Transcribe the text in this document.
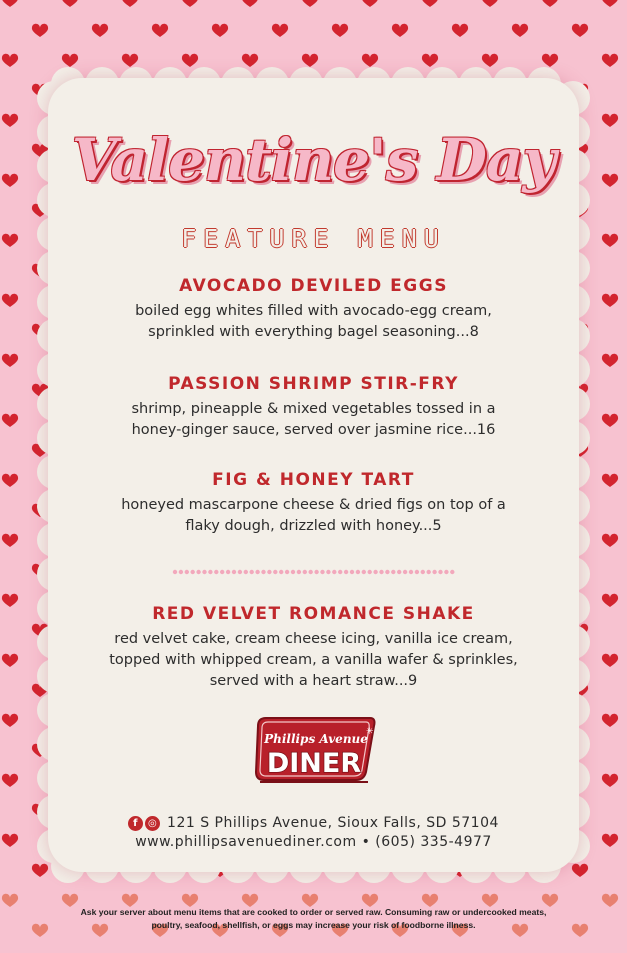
Valentine's Day
FEATURE MENU
AVOCADO DEVILED EGGS
boiled egg whites filled with avocado-egg cream,
sprinkled with everything bagel seasoning...8
PASSION SHRIMP STIR-FRY
shrimp, pineapple & mixed vegetables tossed in a
honey-ginger sauce, served over jasmine rice...16
FIG & HONEY TART
honeyed mascarpone cheese & dried figs on top of a
flaky dough, drizzled with honey...5
RED VELVET ROMANCE SHAKE
red velvet cake, cream cheese icing, vanilla ice cream,
topped with whipped cream, a vanilla wafer & sprinkles,
served with a heart straw...9
Phillips Avenue
DINER
✳
f ◎ 121 S Phillips Avenue, Sioux Falls, SD 57104
www.phillipsavenuediner.com • (605) 335-4977
Ask your server about menu items that are cooked to order or served raw. Consuming raw or undercooked meats,
poultry, seafood, shellfish, or eggs may increase your risk of foodborne illness.
